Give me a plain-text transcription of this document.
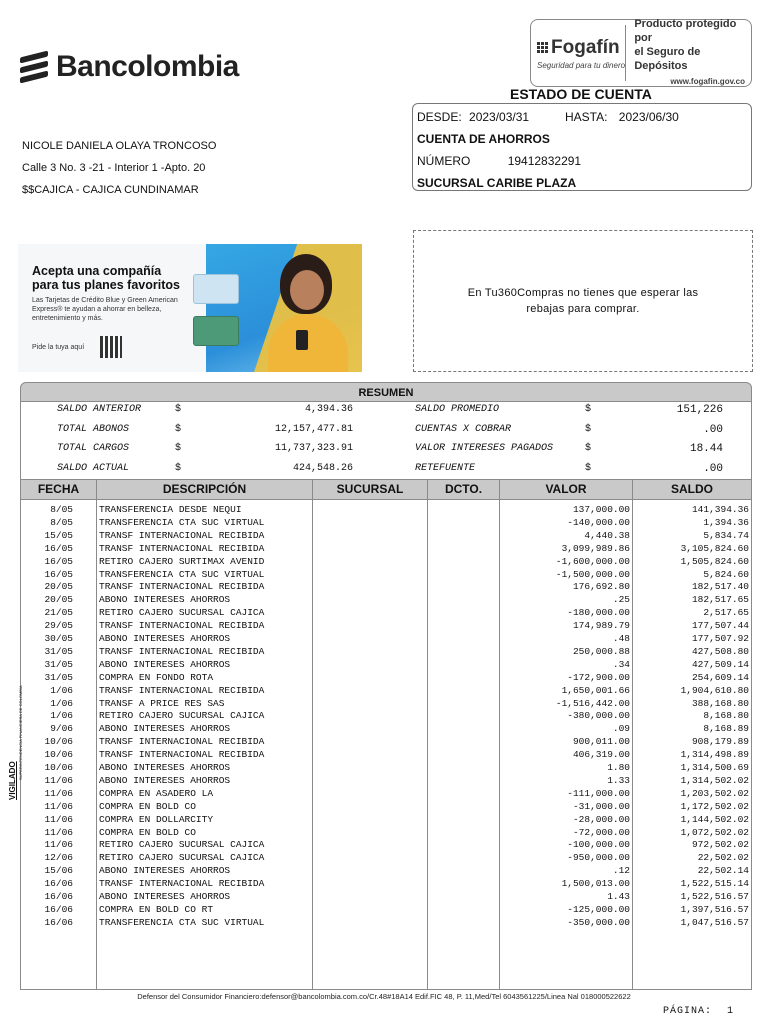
Bancolombia
Fogafín
Seguridad para tu dinero
Producto protegido por
el Seguro de Depósitos
www.fogafin.gov.co
ESTADO DE CUENTA
DESDE: 2023/03/31	HASTA: 2023/06/30
CUENTA DE AHORROS
NÚMERO	19412832291
SUCURSAL CARIBE PLAZA
NICOLE DANIELA OLAYA TRONCOSO
Calle 3 No. 3 -21 - Interior 1 -Apto. 20
$$CAJICA - CAJICA CUNDINAMAR
Acepta una compañía
para tus planes favoritos
Las Tarjetas de Crédito Blue y Green American Express® te ayudan a ahorrar en belleza, entretenimiento y más.
Pide la tuya aquí
En Tu360Compras no tienes que esperar las rebajas para comprar.
RESUMEN
SALDO ANTERIOR	$	4,394.36
TOTAL ABONOS	$	12,157,477.81
TOTAL CARGOS	$	11,737,323.91
SALDO ACTUAL	$	424,548.26
SALDO PROMEDIO	$	151,226
CUENTAS X COBRAR	$	.00
VALOR INTERESES PAGADOS	$	18.44
RETEFUENTE	$	.00
FECHA	DESCRIPCIÓN	SUCURSAL	DCTO.	VALOR	SALDO
8/05	TRANSFERENCIA DESDE NEQUI	137,000.00	141,394.36
8/05	TRANSFERENCIA CTA SUC VIRTUAL	-140,000.00	1,394.36
15/05	TRANSF INTERNACIONAL RECIBIDA	4,440.38	5,834.74
16/05	TRANSF INTERNACIONAL RECIBIDA	3,099,989.86	3,105,824.60
16/05	RETIRO CAJERO SURTIMAX AVENID	-1,600,000.00	1,505,824.60
16/05	TRANSFERENCIA CTA SUC VIRTUAL	-1,500,000.00	5,824.60
20/05	TRANSF INTERNACIONAL RECIBIDA	176,692.80	182,517.40
20/05	ABONO INTERESES AHORROS	.25	182,517.65
21/05	RETIRO CAJERO SUCURSAL CAJICA	-180,000.00	2,517.65
29/05	TRANSF INTERNACIONAL RECIBIDA	174,989.79	177,507.44
30/05	ABONO INTERESES AHORROS	.48	177,507.92
31/05	TRANSF INTERNACIONAL RECIBIDA	250,000.88	427,508.80
31/05	ABONO INTERESES AHORROS	.34	427,509.14
31/05	COMPRA EN FONDO ROTA	-172,900.00	254,609.14
1/06	TRANSF INTERNACIONAL RECIBIDA	1,650,001.66	1,904,610.80
1/06	TRANSF A PRICE RES SAS	-1,516,442.00	388,168.80
1/06	RETIRO CAJERO SUCURSAL CAJICA	-380,000.00	8,168.80
9/06	ABONO INTERESES AHORROS	.09	8,168.89
10/06	TRANSF INTERNACIONAL RECIBIDA	900,011.00	908,179.89
10/06	TRANSF INTERNACIONAL RECIBIDA	406,319.00	1,314,498.89
10/06	ABONO INTERESES AHORROS	1.80	1,314,500.69
11/06	ABONO INTERESES AHORROS	1.33	1,314,502.02
11/06	COMPRA EN ASADERO LA	-111,000.00	1,203,502.02
11/06	COMPRA EN BOLD CO	-31,000.00	1,172,502.02
11/06	COMPRA EN DOLLARCITY	-28,000.00	1,144,502.02
11/06	COMPRA EN BOLD CO	-72,000.00	1,072,502.02
11/06	RETIRO CAJERO SUCURSAL CAJICA	-100,000.00	972,502.02
12/06	RETIRO CAJERO SUCURSAL CAJICA	-950,000.00	22,502.02
15/06	ABONO INTERESES AHORROS	.12	22,502.14
16/06	TRANSF INTERNACIONAL RECIBIDA	1,500,013.00	1,522,515.14
16/06	ABONO INTERESES AHORROS	1.43	1,522,516.57
16/06	COMPRA EN BOLD CO RT	-125,000.00	1,397,516.57
16/06	TRANSFERENCIA CTA SUC VIRTUAL	-350,000.00	1,047,516.57
Defensor del Consumidor Financiero:defensor@bancolombia.com.co/Cr.48#18A14 Edif.FIC 48, P. 11,Med/Tel 6043561225/Linea Nal 018000522622
PÁGINA: 1
VIGILADO
SUPERINTENDENCIA FINANCIERA DE COLOMBIA
